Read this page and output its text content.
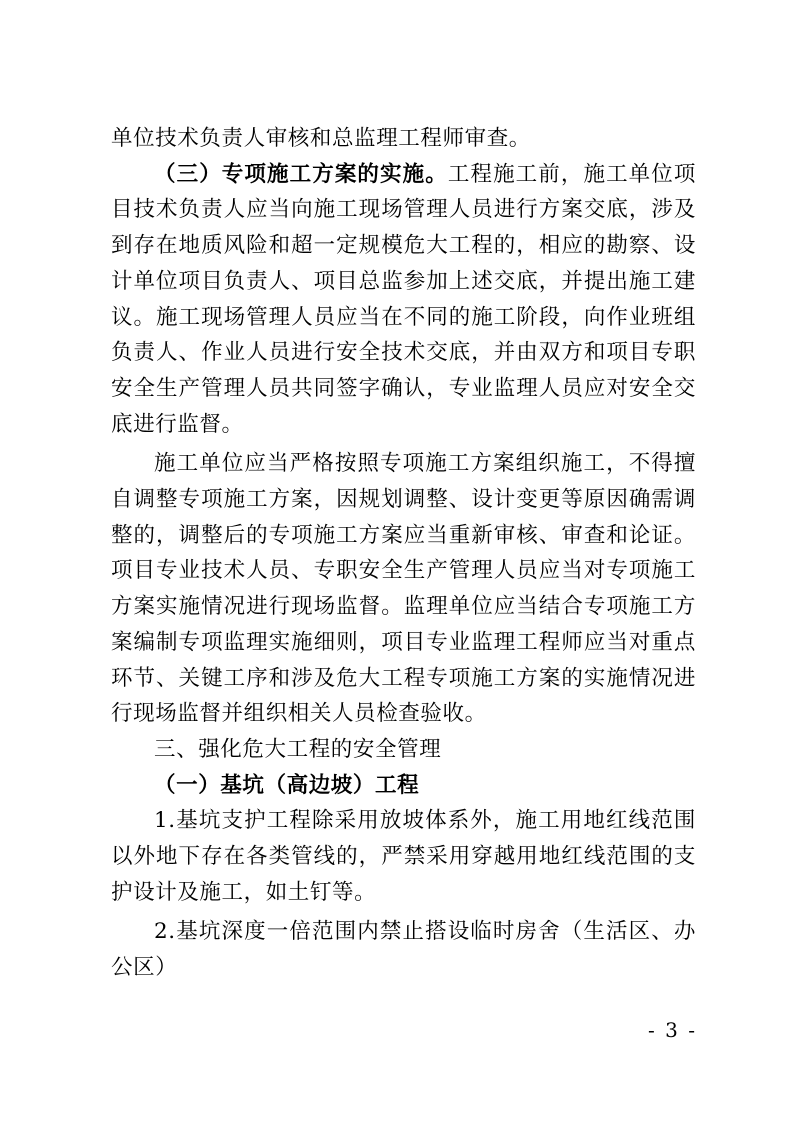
单位技术负责人审核和总监理工程师审查。

（三）专项施工方案的实施。工程施工前，施工单位项目技术负责人应当向施工现场管理人员进行方案交底，涉及到存在地质风险和超一定规模危大工程的，相应的勘察、设计单位项目负责人、项目总监参加上述交底，并提出施工建议。施工现场管理人员应当在不同的施工阶段，向作业班组负责人、作业人员进行安全技术交底，并由双方和项目专职安全生产管理人员共同签字确认，专业监理人员应对安全交底进行监督。

施工单位应当严格按照专项施工方案组织施工，不得擅自调整专项施工方案，因规划调整、设计变更等原因确需调整的，调整后的专项施工方案应当重新审核、审查和论证。项目专业技术人员、专职安全生产管理人员应当对专项施工方案实施情况进行现场监督。监理单位应当结合专项施工方案编制专项监理实施细则，项目专业监理工程师应当对重点环节、关键工序和涉及危大工程专项施工方案的实施情况进行现场监督并组织相关人员检查验收。

三、强化危大工程的安全管理

（一）基坑（高边坡）工程

1.基坑支护工程除采用放坡体系外，施工用地红线范围以外地下存在各类管线的，严禁采用穿越用地红线范围的支护设计及施工，如土钉等。

2.基坑深度一倍范围内禁止搭设临时房舍（生活区、办公区）

- 3 -
